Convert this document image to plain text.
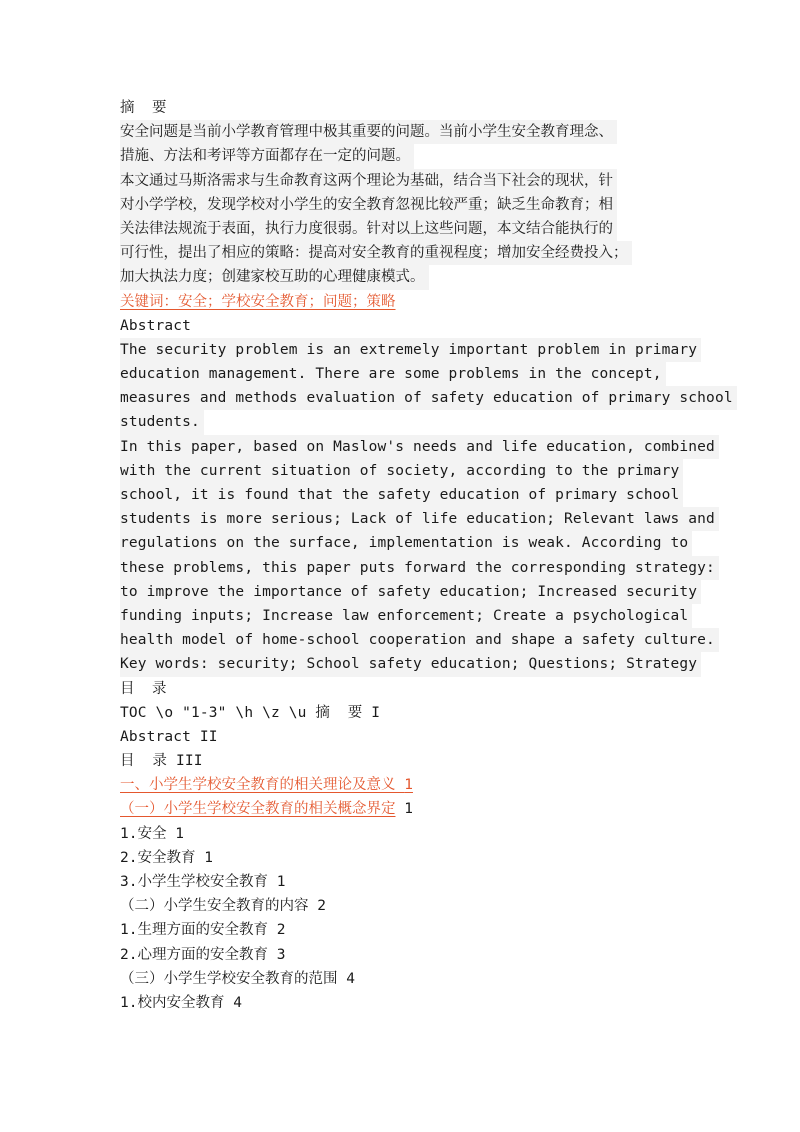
摘  要
安全问题是当前小学教育管理中极其重要的问题。当前小学生安全教育理念、
措施、方法和考评等方面都存在一定的问题。
本文通过马斯洛需求与生命教育这两个理论为基础，结合当下社会的现状，针
对小学学校，发现学校对小学生的安全教育忽视比较严重；缺乏生命教育；相
关法律法规流于表面，执行力度很弱。针对以上这些问题，本文结合能执行的
可行性，提出了相应的策略：提高对安全教育的重视程度；增加安全经费投入；
加大执法力度；创建家校互助的心理健康模式。
关键词：安全；学校安全教育；问题；策略
Abstract
The security problem is an extremely important problem in primary
education management. There are some problems in the concept,
measures and methods evaluation of safety education of primary school
students.
In this paper, based on Maslow's needs and life education, combined
with the current situation of society, according to the primary
school, it is found that the safety education of primary school
students is more serious; Lack of life education; Relevant laws and
regulations on the surface, implementation is weak. According to
these problems, this paper puts forward the corresponding strategy:
to improve the importance of safety education; Increased security
funding inputs; Increase law enforcement; Create a psychological
health model of home-school cooperation and shape a safety culture.
Key words: security; School safety education; Questions; Strategy
目  录
TOC \o "1-3" \h \z \u 摘  要 I
Abstract II
目  录 III
一、小学生学校安全教育的相关理论及意义 1
（一）小学生学校安全教育的相关概念界定 1
1.安全 1
2.安全教育 1
3.小学生学校安全教育 1
（二）小学生安全教育的内容 2
1.生理方面的安全教育 2
2.心理方面的安全教育 3
（三）小学生学校安全教育的范围 4
1.校内安全教育 4
